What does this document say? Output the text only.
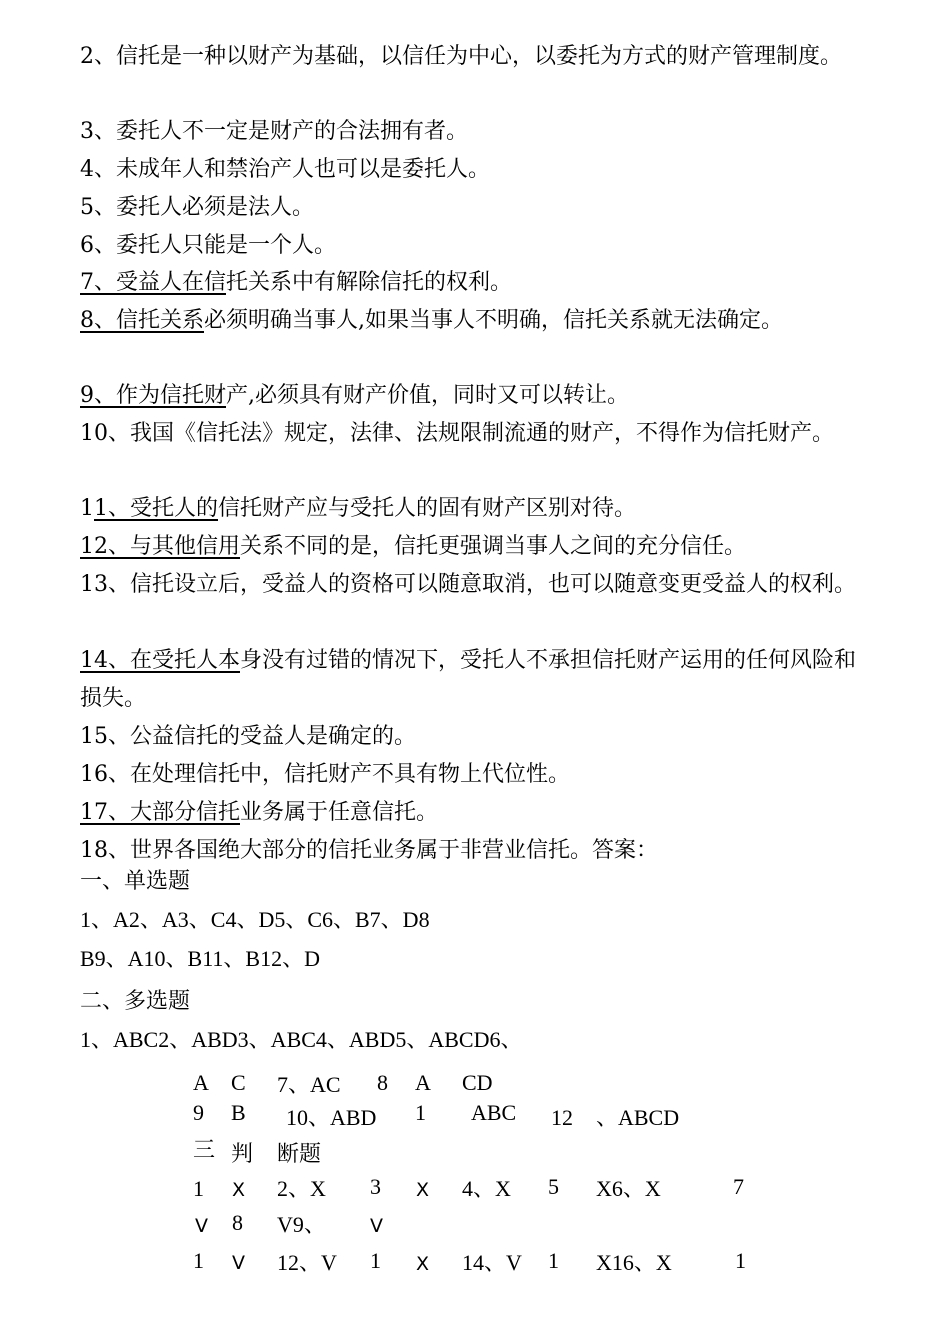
2、信托是一种以财产为基础，以信任为中心，以委托为方式的财产管理制度。

3、委托人不一定是财产的合法拥有者。

4、未成年人和禁治产人也可以是委托人。

5、委托人必须是法人。

6、委托人只能是一个人。

7、受益人在信托关系中有解除信托的权利。

8、信托关系必须明确当事人,如果当事人不明确，信托关系就无法确定。

9、作为信托财产,必须具有财产价值，同时又可以转让。

10、我国《信托法》规定，法律、法规限制流通的财产，不得作为信托财产。

11、受托人的信托财产应与受托人的固有财产区别对待。

12、与其他信用关系不同的是，信托更强调当事人之间的充分信任。

13、信托设立后，受益人的资格可以随意取消，也可以随意变更受益人的权利。

14、在受托人本身没有过错的情况下，受托人不承担信托财产运用的任何风险和损失。

15、公益信托的受益人是确定的。

16、在处理信托中，信托财产不具有物上代位性。

17、大部分信托业务属于任意信托。

18、世界各国绝大部分的信托业务属于非营业信托。答案：

一、单选题
1、A2、A3、C4、D5、C6、B7、D8
B9、A10、B11、B12、D
二、多选题
1、ABC2、ABD3、ABC4、ABD5、ABCD6、
A C 7、AC 8 A CD
9 B 10、ABD 1 ABC 12 、ABCD
三 判 断题
1 X 2、X 3 X 4、X 5 X6、X	7
V 8 V9、 V
1 V 12、V 1 X 14、V 1 X16、X	1
